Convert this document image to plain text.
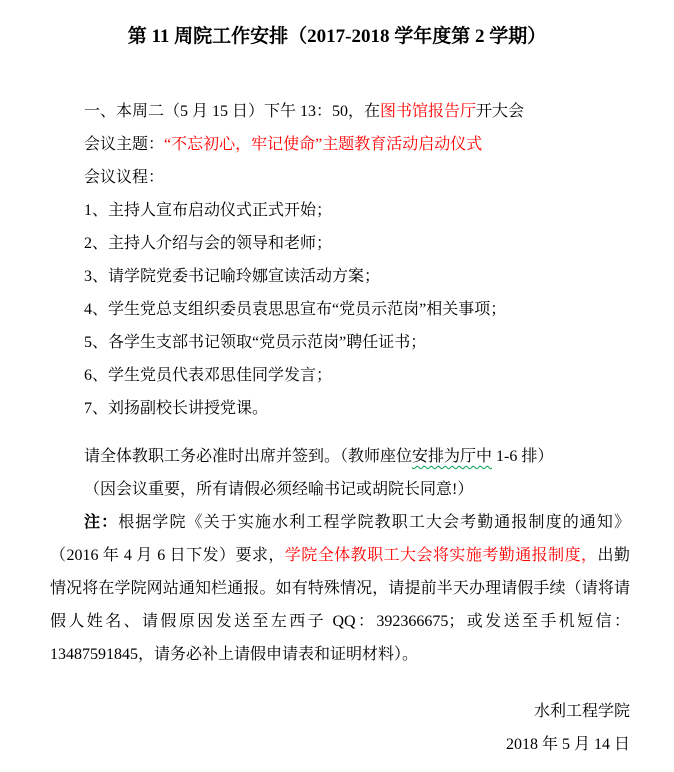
第 11 周院工作安排（2017-2018 学年度第 2 学期）

一、本周二（5 月 15 日）下午 13：50，在图书馆报告厅开大会

会议主题：“不忘初心，牢记使命”主题教育活动启动仪式

会议议程：

1、主持人宣布启动仪式正式开始；

2、主持人介绍与会的领导和老师；

3、请学院党委书记喻玲娜宣读活动方案；

4、学生党总支组织委员袁思思宣布“党员示范岗”相关事项；

5、各学生支部书记领取“党员示范岗”聘任证书；

6、学生党员代表邓思佳同学发言；

7、刘扬副校长讲授党课。

请全体教职工务必准时出席并签到。（教师座位安排为厅中 1-6 排）

（因会议重要，所有请假必须经喻书记或胡院长同意!）

注：根据学院《关于实施水利工程学院教职工大会考勤通报制度的通知》（2016 年 4 月 6 日下发）要求，学院全体教职工大会将实施考勤通报制度，出勤情况将在学院网站通知栏通报。如有特殊情况，请提前半天办理请假手续（请将请假人姓名、请假原因发送至左西子 QQ：392366675；或发送至手机短信：13487591845，请务必补上请假申请表和证明材料）。

水利工程学院

2018 年 5 月 14 日
